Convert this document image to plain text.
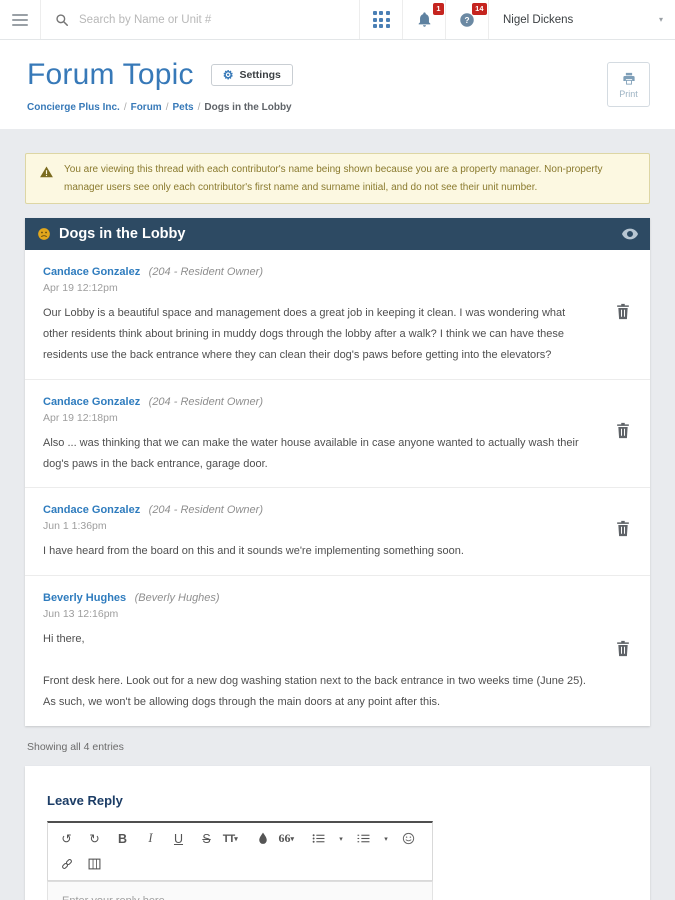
Search by Name or Unit #
1
?
14
Nigel Dickens	▾
Forum Topic ⚙ Settings
Concierge Plus Inc. / Forum / Pets / Dogs in the Lobby
Print
You are viewing this thread with each contributor's name being shown because you are a property manager. Non-property manager users see only each contributor's first name and surname initial, and do not see their unit number.
Dogs in the Lobby
Candace Gonzalez (204 - Resident Owner)
Apr 19 12:12pm

Our Lobby is a beautiful space and management does a great job in keeping it clean. I was wondering what other residents think about brining in muddy dogs through the lobby after a walk? I think we can have these residents use the back entrance where they can clean their dog's paws before getting into the elevators?

Candace Gonzalez (204 - Resident Owner)
Apr 19 12:18pm

Also ... was thinking that we can make the water house available in case anyone wanted to actually wash their dog's paws in the back entrance, garage door.

Candace Gonzalez (204 - Resident Owner)
Jun 1 1:36pm

I have heard from the board on this and it sounds we're implementing something soon.

Beverly Hughes (Beverly Hughes)
Jun 13 12:16pm

Hi there,

Front desk here. Look out for a new dog washing station next to the back entrance in two weeks time (June 25). As such, we won't be allowing dogs through the main doors at any point after this.

Showing all 4 entries
Leave Reply
↺	↻	B	I	U	S	TT ▾	66 ▾	▾	▾
Enter your reply here
